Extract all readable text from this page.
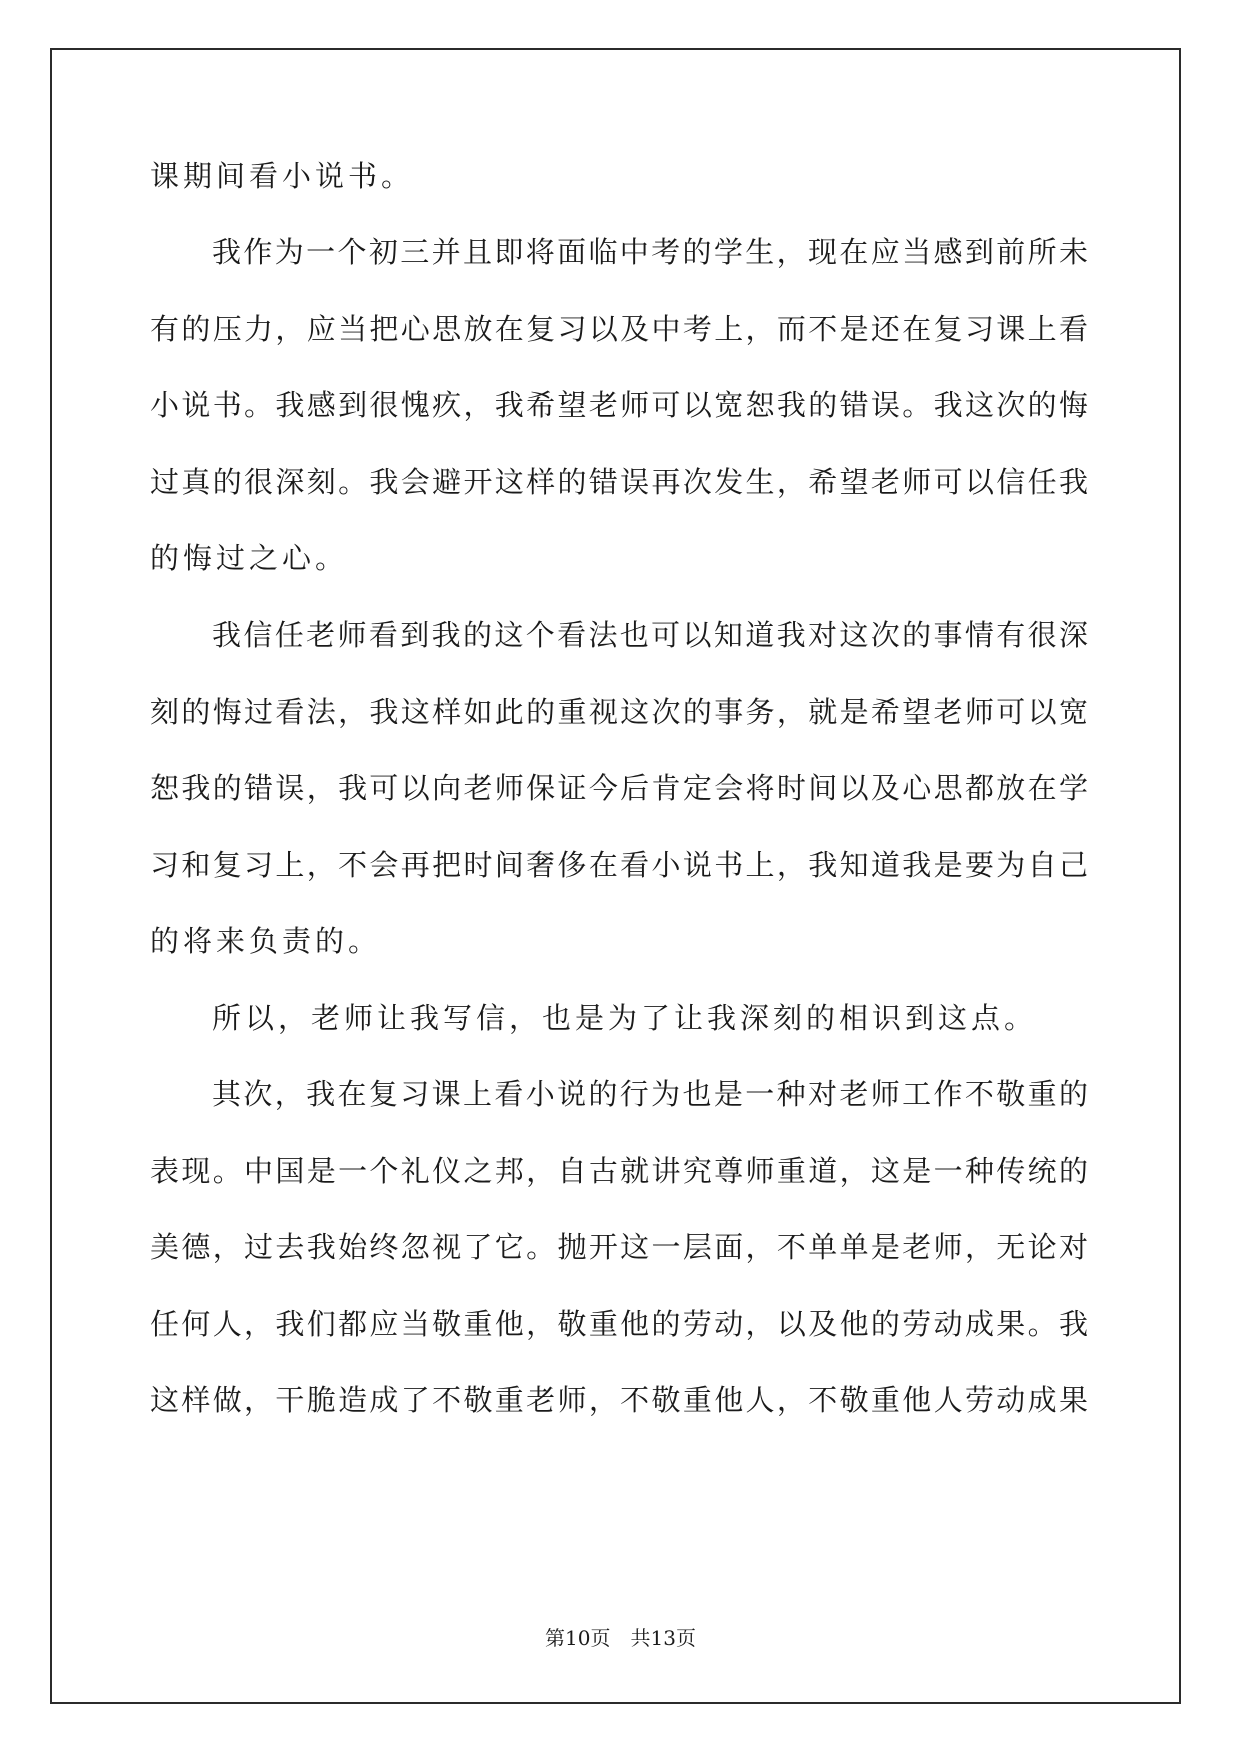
课期间看小说书。
我作为一个初三并且即将面临中考的学生，现在应当感到前所未
有的压力，应当把心思放在复习以及中考上，而不是还在复习课上看
小说书。我感到很愧疚，我希望老师可以宽恕我的错误。我这次的悔
过真的很深刻。我会避开这样的错误再次发生，希望老师可以信任我
的悔过之心。
我信任老师看到我的这个看法也可以知道我对这次的事情有很深
刻的悔过看法，我这样如此的重视这次的事务，就是希望老师可以宽
恕我的错误，我可以向老师保证今后肯定会将时间以及心思都放在学
习和复习上，不会再把时间奢侈在看小说书上，我知道我是要为自己
的将来负责的。
所以，老师让我写信，也是为了让我深刻的相识到这点。
其次，我在复习课上看小说的行为也是一种对老师工作不敬重的
表现。中国是一个礼仪之邦，自古就讲究尊师重道，这是一种传统的
美德，过去我始终忽视了它。抛开这一层面，不单单是老师，无论对
任何人，我们都应当敬重他，敬重他的劳动，以及他的劳动成果。我
这样做，干脆造成了不敬重老师，不敬重他人，不敬重他人劳动成果
第10页 共13页
